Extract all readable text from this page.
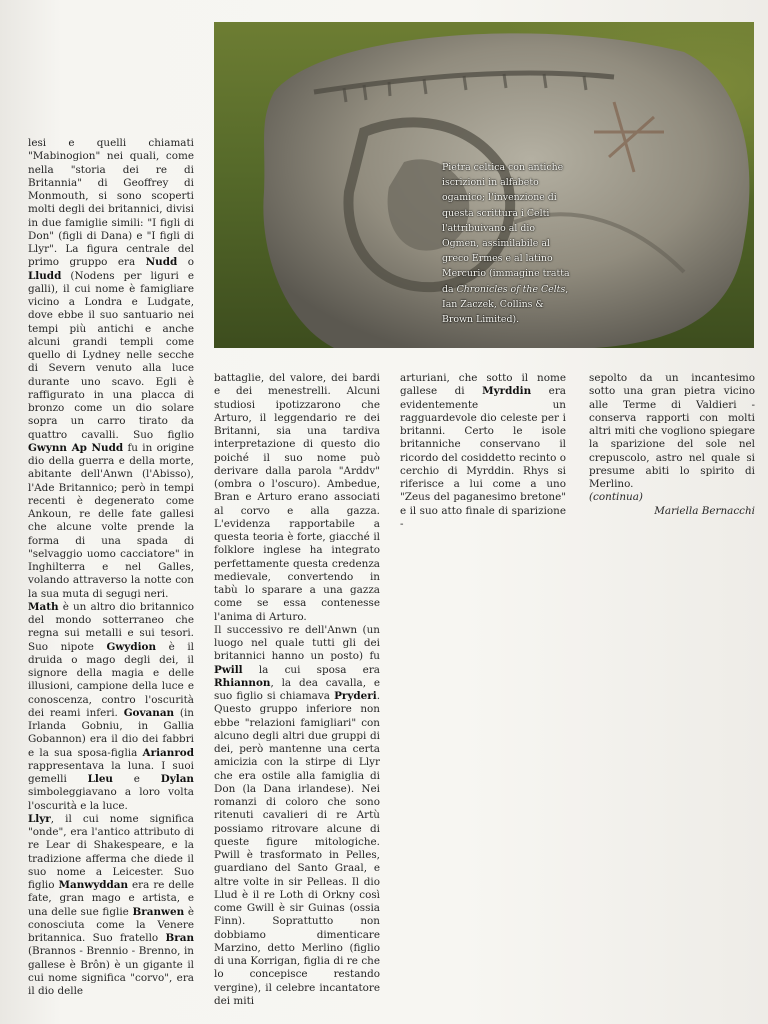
Pietra celtica con antiche iscrizioni in alfabeto ogamico; l'invenzione di questa scrittura i Celti l'attribuivano al dio Ogmen, assimilabile al greco Ermes e al latino Mercurio (immagine tratta da Chronicles of the Celts, Ian Zaczek, Collins & Brown Limited).

lesi e quelli chiamati "Mabinogion" nei quali, come nella "storia dei re di Britannia" di Geoffrey di Monmouth, si sono scoperti molti degli dei britannici, divisi in due famiglie simili: "I figli di Don" (figli di Dana) e "I figli di Llyr". La figura centrale del primo gruppo era Nudd o Lludd (Nodens per liguri e galli), il cui nome è famigliare vicino a Londra e Ludgate, dove ebbe il suo santuario nei tempi più antichi e anche alcuni grandi templi come quello di Lydney nelle secche di Severn venuto alla luce durante uno scavo. Egli è raffigurato in una placca di bronzo come un dio solare sopra un carro tirato da quattro cavalli. Suo figlio Gwynn Ap Nudd fu in origine dio della guerra e della morte, abitante dell'Anwn (l'Abisso), l'Ade Britannico; però in tempi recenti è degenerato come Ankoun, re delle fate gallesi che alcune volte prende la forma di una spada di "selvaggio uomo cacciatore" in Inghilterra e nel Galles, volando attraverso la notte con la sua muta di segugi neri.
Math è un altro dio britannico del mondo sotterraneo che regna sui metalli e sui tesori. Suo nipote Gwydion è il druida o mago degli dei, il signore della magia e delle illusioni, campione della luce e conoscenza, contro l'oscurità dei reami inferi. Govanan (in Irlanda Gobniu, in Gallia Gobannon) era il dio dei fabbri e la sua sposa-figlia Arianrod rappresentava la luna. I suoi gemelli Lleu e Dylan simboleggiavano a loro volta l'oscurità e la luce.
Llyr, il cui nome significa "onde", era l'antico attributo di re Lear di Shakespeare, e la tradizione afferma che diede il suo nome a Leicester. Suo figlio Manwyddan era re delle fate, gran mago e artista, e una delle sue figlie Branwen è conosciuta come la Venere britannica. Suo fratello Bran (Brannos - Brennio - Brenno, in gallese è Brôn) è un gigante il cui nome significa "corvo", era il dio delle

battaglie, del valore, dei bardi e dei menestrelli. Alcuni studiosi ipotizzarono che Arturo, il leggendario re dei Britanni, sia una tardiva interpretazione di questo dio poiché il suo nome può derivare dalla parola "Arddv" (ombra o l'oscuro). Ambedue, Bran e Arturo erano associati al corvo e alla gazza. L'evidenza rapportabile a questa teoria è forte, giacché il folklore inglese ha integrato perfettamente questa credenza medievale, convertendo in tabù lo sparare a una gazza come se essa contenesse l'anima di Arturo.
Il successivo re dell'Anwn (un luogo nel quale tutti gli dei britannici hanno un posto) fu Pwill la cui sposa era Rhiannon, la dea cavalla, e suo figlio si chiamava Pryderi. Questo gruppo inferiore non ebbe "relazioni famigliari" con alcuno degli altri due gruppi di dei, però mantenne una certa amicizia con la stirpe di Llyr che era ostile alla famiglia di Don (la Dana irlandese). Nei romanzi di coloro che sono ritenuti cavalieri di re Artù possiamo ritrovare alcune di queste figure mitologiche. Pwill è trasformato in Pelles, guardiano del Santo Graal, e altre volte in sir Pelleas. Il dio Llud è il re Loth di Orkny così come Gwill è sir Guinas (ossia Finn). Soprattutto non dobbiamo dimenticare Marzino, detto Merlino (figlio di una Korrigan, figlia di re che lo concepisce restando vergine), il celebre incantatore dei miti

arturiani, che sotto il nome gallese di Myrddin era evidentemente un ragguardevole dio celeste per i britanni. Certo le isole britanniche conservano il ricordo del cosiddetto recinto o cerchio di Myrddin. Rhys si riferisce a lui come a uno "Zeus del paganesimo bretone" e il suo atto finale di sparizione -

sepolto da un incantesimo sotto una gran pietra vicino alle Terme di Valdieri - conserva rapporti con molti altri miti che vogliono spiegare la sparizione del sole nel crepuscolo, astro nel quale si presume abiti lo spirito di Merlino.

(continua)

Mariella Bernacchi
